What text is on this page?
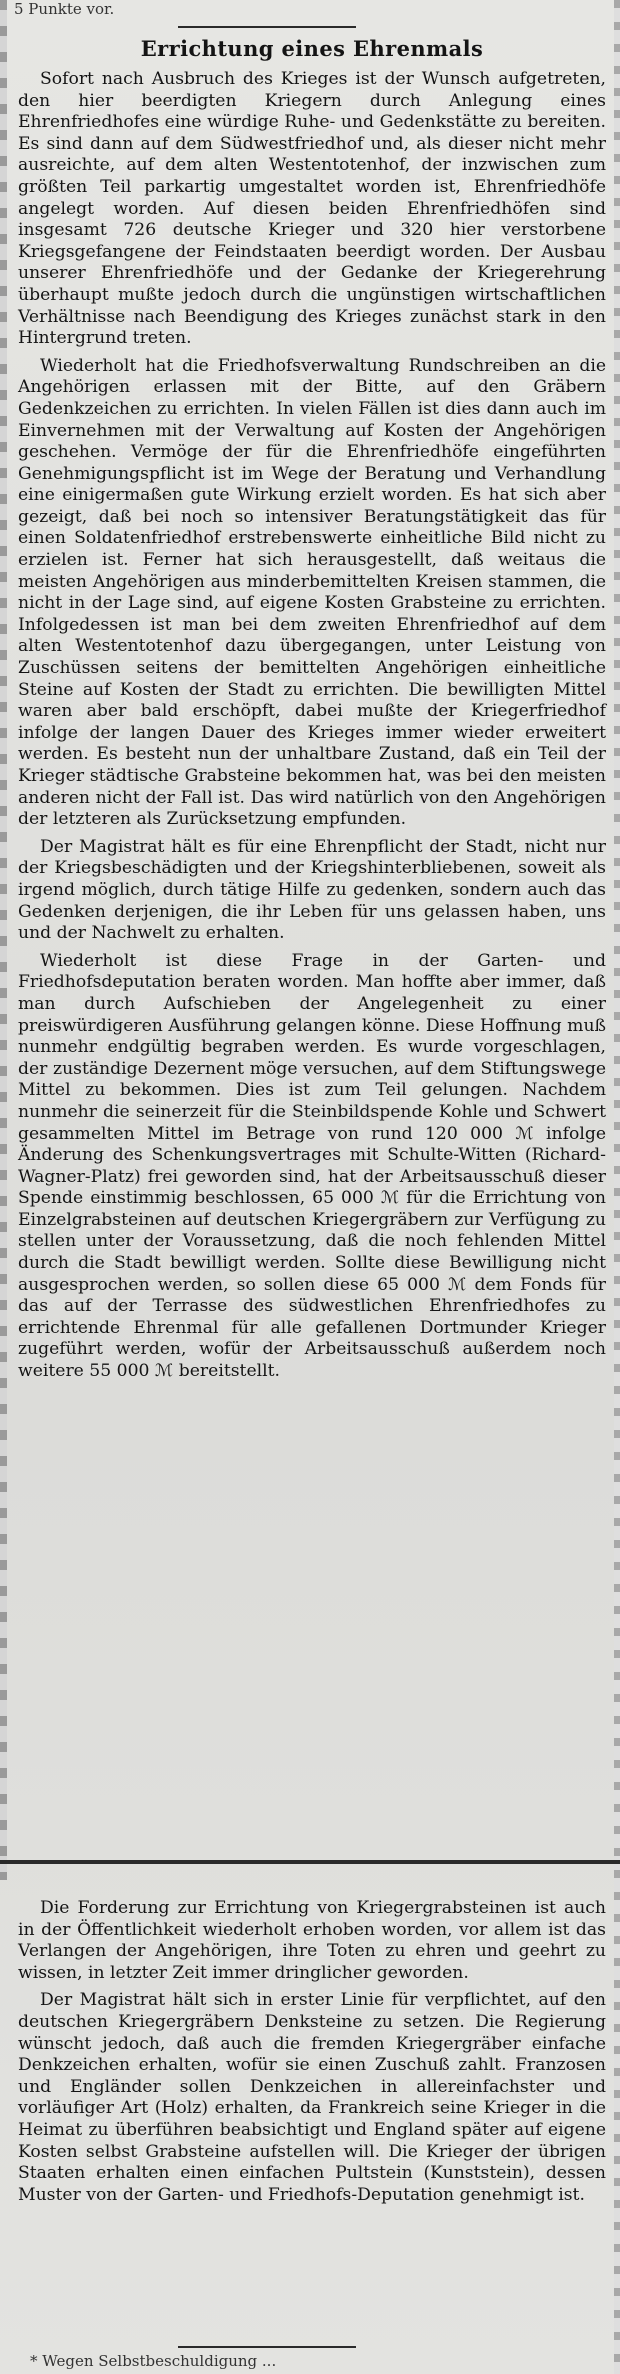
5 Punkte vor.
Errichtung eines Ehrenmals

Sofort nach Ausbruch des Krieges ist der Wunsch aufgetreten, den hier beerdigten Kriegern durch Anlegung eines Ehrenfriedhofes eine würdige Ruhe- und Gedenkstätte zu bereiten. Es sind dann auf dem Südwestfriedhof und, als dieser nicht mehr ausreichte, auf dem alten Westentotenhof, der inzwischen zum größten Teil parkartig umgestaltet worden ist, Ehrenfriedhöfe angelegt worden. Auf diesen beiden Ehrenfriedhöfen sind insgesamt 726 deutsche Krieger und 320 hier verstorbene Kriegsgefangene der Feindstaaten beerdigt worden. Der Ausbau unserer Ehrenfriedhöfe und der Gedanke der Kriegerehrung überhaupt mußte jedoch durch die ungünstigen wirtschaftlichen Verhältnisse nach Beendigung des Krieges zunächst stark in den Hintergrund treten.

Wiederholt hat die Friedhofsverwaltung Rundschreiben an die Angehörigen erlassen mit der Bitte, auf den Gräbern Gedenkzeichen zu errichten. In vielen Fällen ist dies dann auch im Einvernehmen mit der Verwaltung auf Kosten der Angehörigen geschehen. Vermöge der für die Ehrenfriedhöfe eingeführten Genehmigungspflicht ist im Wege der Beratung und Verhandlung eine einigermaßen gute Wirkung erzielt worden. Es hat sich aber gezeigt, daß bei noch so intensiver Beratungstätigkeit das für einen Soldatenfriedhof erstrebenswerte einheitliche Bild nicht zu erzielen ist. Ferner hat sich herausgestellt, daß weitaus die meisten Angehörigen aus minderbemittelten Kreisen stammen, die nicht in der Lage sind, auf eigene Kosten Grabsteine zu errichten. Infolgedessen ist man bei dem zweiten Ehrenfriedhof auf dem alten Westentotenhof dazu übergegangen, unter Leistung von Zuschüssen seitens der bemittelten Angehörigen einheitliche Steine auf Kosten der Stadt zu errichten. Die bewilligten Mittel waren aber bald erschöpft, dabei mußte der Kriegerfriedhof infolge der langen Dauer des Krieges immer wieder erweitert werden. Es besteht nun der unhaltbare Zustand, daß ein Teil der Krieger städtische Grabsteine bekommen hat, was bei den meisten anderen nicht der Fall ist. Das wird natürlich von den Angehörigen der letzteren als Zurücksetzung empfunden.

Der Magistrat hält es für eine Ehrenpflicht der Stadt, nicht nur der Kriegsbeschädigten und der Kriegshinterbliebenen, soweit als irgend möglich, durch tätige Hilfe zu gedenken, sondern auch das Gedenken derjenigen, die ihr Leben für uns gelassen haben, uns und der Nachwelt zu erhalten.

Wiederholt ist diese Frage in der Garten- und Friedhofsdeputation beraten worden. Man hoffte aber immer, daß man durch Aufschieben der Angelegenheit zu einer preiswürdigeren Ausführung gelangen könne. Diese Hoffnung muß nunmehr endgültig begraben werden. Es wurde vorgeschlagen, der zuständige Dezernent möge versuchen, auf dem Stiftungswege Mittel zu bekommen. Dies ist zum Teil gelungen. Nachdem nunmehr die seinerzeit für die Steinbildspende Kohle und Schwert gesammelten Mittel im Betrage von rund 120 000 ℳ infolge Änderung des Schenkungsvertrages mit Schulte-Witten (Richard-Wagner-Platz) frei geworden sind, hat der Arbeitsausschuß dieser Spende einstimmig beschlossen, 65 000 ℳ für die Errichtung von Einzelgrabsteinen auf deutschen Kriegergräbern zur Verfügung zu stellen unter der Voraussetzung, daß die noch fehlenden Mittel durch die Stadt bewilligt werden. Sollte diese Bewilligung nicht ausgesprochen werden, so sollen diese 65 000 ℳ dem Fonds für das auf der Terrasse des südwestlichen Ehrenfriedhofes zu errichtende Ehrenmal für alle gefallenen Dortmunder Krieger zugeführt werden, wofür der Arbeitsausschuß außerdem noch weitere 55 000 ℳ bereitstellt.

Die Forderung zur Errichtung von Kriegergrabsteinen ist auch in der Öffentlichkeit wiederholt erhoben worden, vor allem ist das Verlangen der Angehörigen, ihre Toten zu ehren und geehrt zu wissen, in letzter Zeit immer dringlicher geworden.

Der Magistrat hält sich in erster Linie für verpflichtet, auf den deutschen Kriegergräbern Denksteine zu setzen. Die Regierung wünscht jedoch, daß auch die fremden Kriegergräber einfache Denkzeichen erhalten, wofür sie einen Zuschuß zahlt. Franzosen und Engländer sollen Denkzeichen in allereinfachster und vorläufiger Art (Holz) erhalten, da Frankreich seine Krieger in die Heimat zu überführen beabsichtigt und England später auf eigene Kosten selbst Grabsteine aufstellen will. Die Krieger der übrigen Staaten erhalten einen einfachen Pultstein (Kunststein), dessen Muster von der Garten- und Friedhofs-Deputation genehmigt ist.

* Wegen Selbstbeschuldigung ...
